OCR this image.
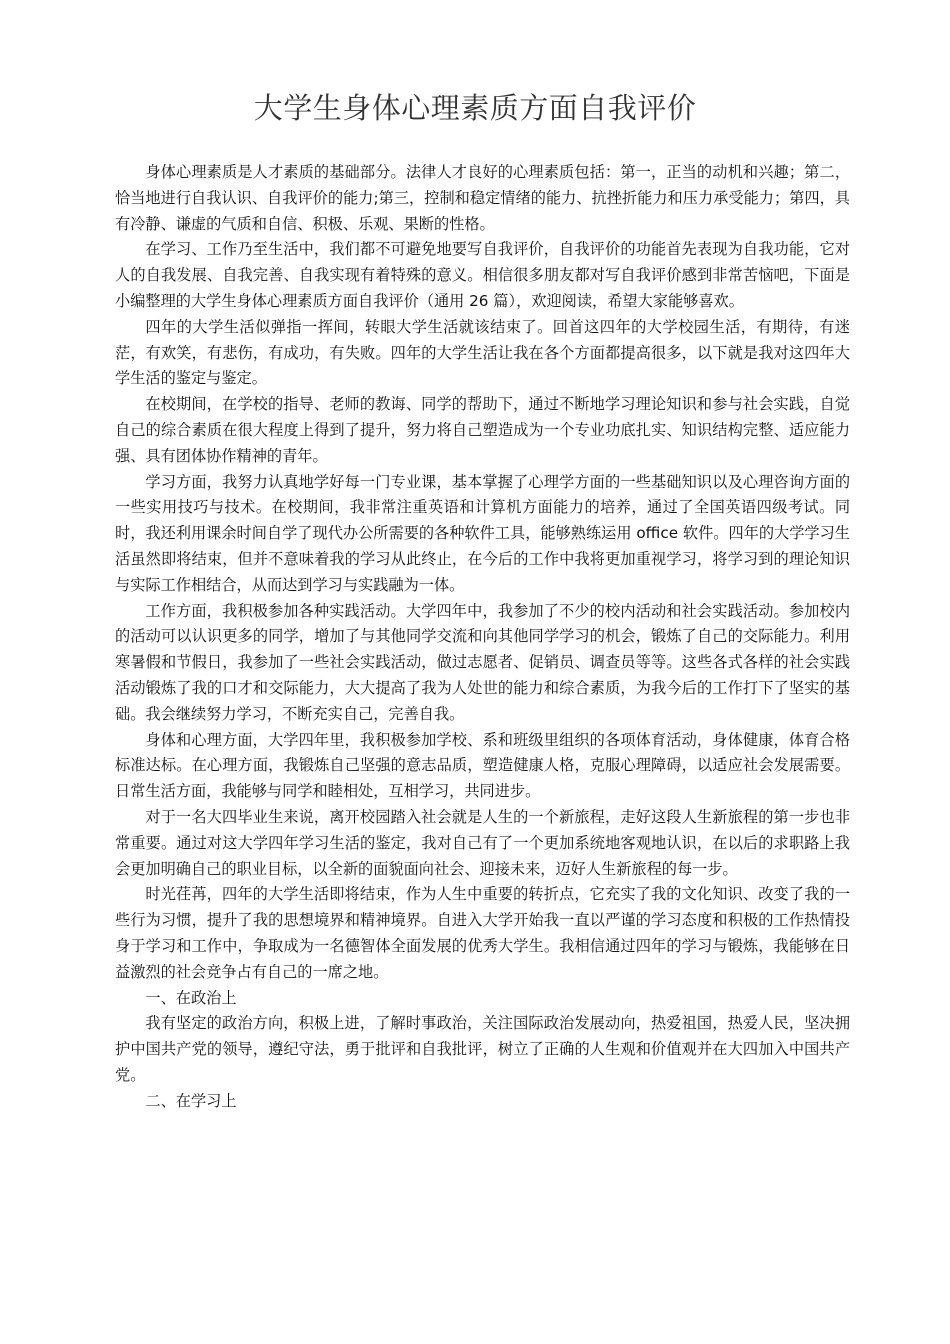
大学生身体心理素质方面自我评价

身体心理素质是人才素质的基础部分。法律人才良好的心理素质包括：第一，正当的动机和兴趣；第二，恰当地进行自我认识、自我评价的能力;第三，控制和稳定情绪的能力、抗挫折能力和压力承受能力；第四，具有冷静、谦虚的气质和自信、积极、乐观、果断的性格。

在学习、工作乃至生活中，我们都不可避免地要写自我评价，自我评价的功能首先表现为自我功能，它对人的自我发展、自我完善、自我实现有着特殊的意义。相信很多朋友都对写自我评价感到非常苦恼吧，下面是小编整理的大学生身体心理素质方面自我评价（通用 26 篇），欢迎阅读，希望大家能够喜欢。

四年的大学生活似弹指一挥间，转眼大学生活就该结束了。回首这四年的大学校园生活，有期待，有迷茫，有欢笑，有悲伤，有成功，有失败。四年的大学生活让我在各个方面都提高很多，以下就是我对这四年大学生活的鉴定与鉴定。

在校期间，在学校的指导、老师的教诲、同学的帮助下，通过不断地学习理论知识和参与社会实践，自觉自己的综合素质在很大程度上得到了提升，努力将自己塑造成为一个专业功底扎实、知识结构完整、适应能力强、具有团体协作精神的青年。

学习方面，我努力认真地学好每一门专业课，基本掌握了心理学方面的一些基础知识以及心理咨询方面的一些实用技巧与技术。在校期间，我非常注重英语和计算机方面能力的培养，通过了全国英语四级考试。同时，我还利用课余时间自学了现代办公所需要的各种软件工具，能够熟练运用 office 软件。四年的大学学习生活虽然即将结束，但并不意味着我的学习从此终止，在今后的工作中我将更加重视学习，将学习到的理论知识与实际工作相结合，从而达到学习与实践融为一体。

工作方面，我积极参加各种实践活动。大学四年中，我参加了不少的校内活动和社会实践活动。参加校内的活动可以认识更多的同学，增加了与其他同学交流和向其他同学学习的机会，锻炼了自己的交际能力。利用寒暑假和节假日，我参加了一些社会实践活动，做过志愿者、促销员、调查员等等。这些各式各样的社会实践活动锻炼了我的口才和交际能力，大大提高了我为人处世的能力和综合素质，为我今后的工作打下了坚实的基础。我会继续努力学习，不断充实自己，完善自我。

身体和心理方面，大学四年里，我积极参加学校、系和班级里组织的各项体育活动，身体健康，体育合格标准达标。在心理方面，我锻炼自己坚强的意志品质，塑造健康人格，克服心理障碍，以适应社会发展需要。日常生活方面，我能够与同学和睦相处，互相学习，共同进步。

对于一名大四毕业生来说，离开校园踏入社会就是人生的一个新旅程，走好这段人生新旅程的第一步也非常重要。通过对这大学四年学习生活的鉴定，我对自己有了一个更加系统地客观地认识，在以后的求职路上我会更加明确自己的职业目标，以全新的面貌面向社会、迎接未来，迈好人生新旅程的每一步。

时光荏苒，四年的大学生活即将结束，作为人生中重要的转折点，它充实了我的文化知识、改变了我的一些行为习惯，提升了我的思想境界和精神境界。自进入大学开始我一直以严谨的学习态度和积极的工作热情投身于学习和工作中，争取成为一名德智体全面发展的优秀大学生。我相信通过四年的学习与锻炼，我能够在日益激烈的社会竞争占有自己的一席之地。

一、在政治上

我有坚定的政治方向，积极上进，了解时事政治，关注国际政治发展动向，热爱祖国，热爱人民，坚决拥护中国共产党的领导，遵纪守法，勇于批评和自我批评，树立了正确的人生观和价值观并在大四加入中国共产党。

二、在学习上
